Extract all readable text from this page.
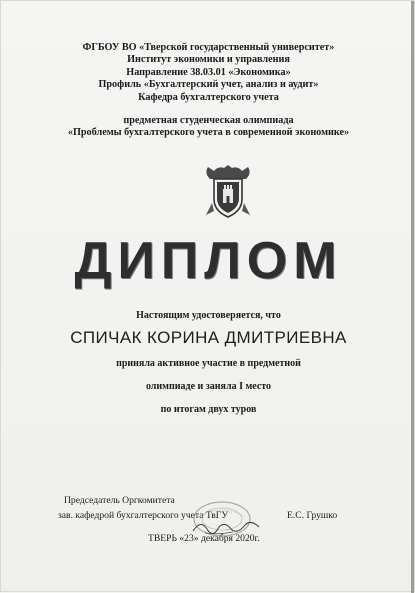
ФГБОУ ВО «Тверской государственный университет»
Институт экономики и управления
Направление 38.03.01 «Экономика»
Профиль «Бухгалтерский учет, анализ и аудит»
Кафедра бухгалтерского учета
предметная студенческая олимпиада
«Проблемы бухгалтерского учета в современной экономике»
ДИПЛОМ
Настоящим удостоверяется, что
СПИЧАК КОРИНА ДМИТРИЕВНА
приняла активное участие в предметной
олимпиаде и заняла I место
по итогам двух туров
Председатель Оргкомитета
зав. кафедрой бухгалтерского учета ТвГУ	Е.С. Грушко
ТВЕРЬ «23» декабря 2020г.
